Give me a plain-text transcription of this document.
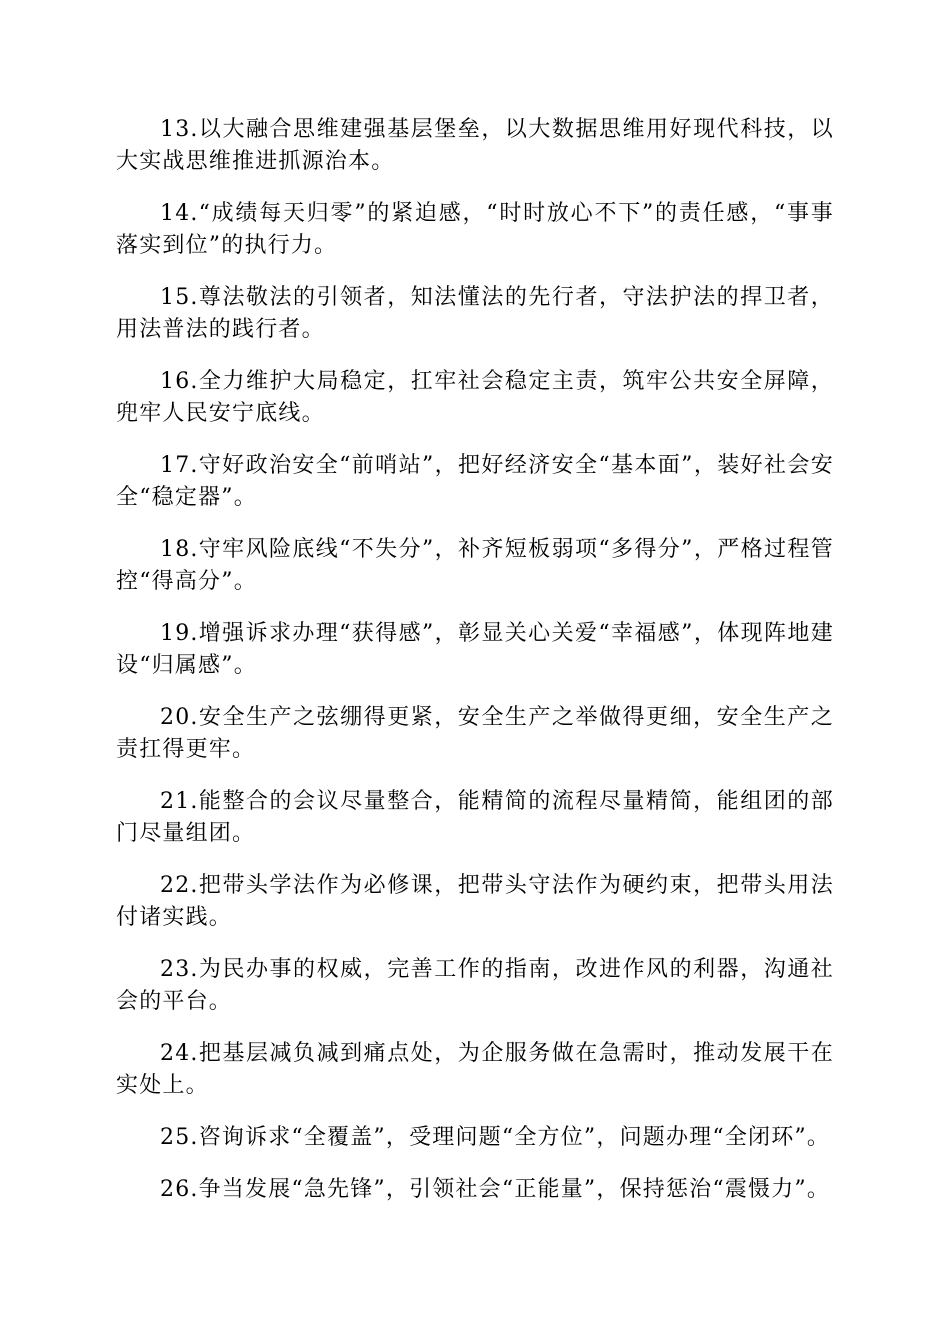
13.以大融合思维建强基层堡垒，以大数据思维用好现代科技，以大实战思维推进抓源治本。

14.“成绩每天归零”的紧迫感，“时时放心不下”的责任感，“事事落实到位”的执行力。

15.尊法敬法的引领者，知法懂法的先行者，守法护法的捍卫者，用法普法的践行者。

16.全力维护大局稳定，扛牢社会稳定主责，筑牢公共安全屏障，兜牢人民安宁底线。

17.守好政治安全“前哨站”，把好经济安全“基本面”，装好社会安全“稳定器”。

18.守牢风险底线“不失分”，补齐短板弱项“多得分”，严格过程管控“得高分”。

19.增强诉求办理“获得感”，彰显关心关爱“幸福感”，体现阵地建设“归属感”。

20.安全生产之弦绷得更紧，安全生产之举做得更细，安全生产之责扛得更牢。

21.能整合的会议尽量整合，能精简的流程尽量精简，能组团的部门尽量组团。

22.把带头学法作为必修课，把带头守法作为硬约束，把带头用法付诸实践。

23.为民办事的权威，完善工作的指南，改进作风的利器，沟通社会的平台。

24.把基层减负减到痛点处，为企服务做在急需时，推动发展干在实处上。

25.咨询诉求“全覆盖”，受理问题“全方位”，问题办理“全闭环”。

26.争当发展“急先锋”，引领社会“正能量”，保持惩治“震慑力”。
